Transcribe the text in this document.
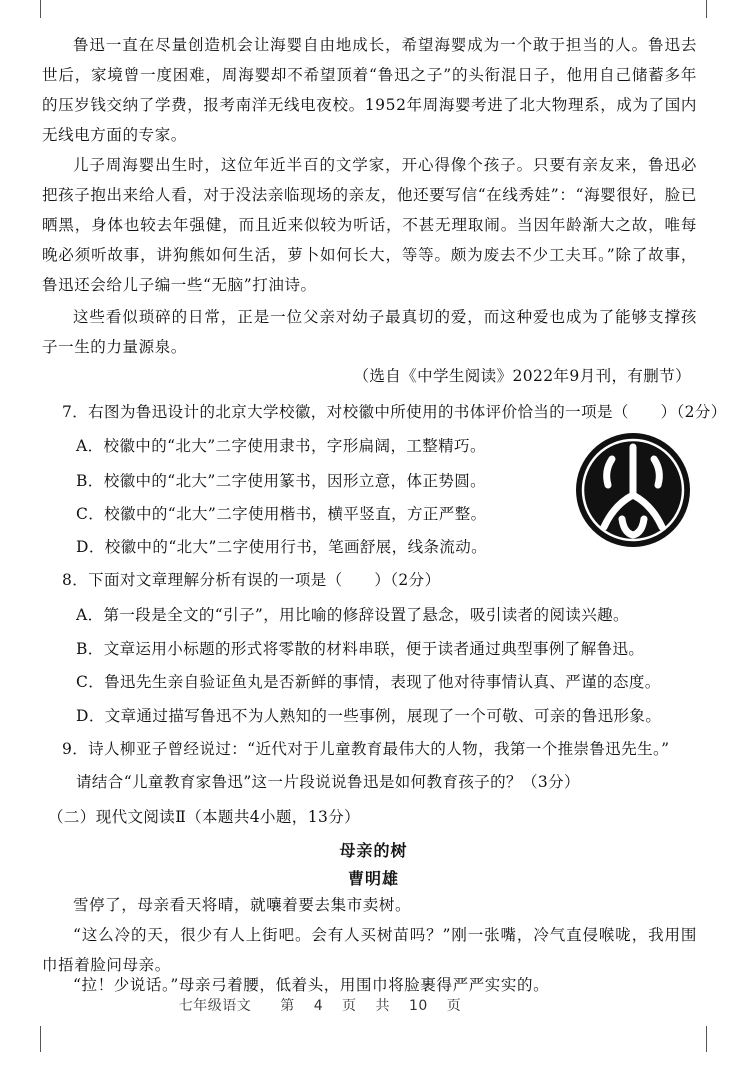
鲁迅一直在尽量创造机会让海婴自由地成长，希望海婴成为一个敢于担当的人。鲁迅去世后，家境曾一度困难，周海婴却不希望顶着“鲁迅之子”的头衔混日子，他用自己储蓄多年的压岁钱交纳了学费，报考南洋无线电夜校。1952年周海婴考进了北大物理系，成为了国内无线电方面的专家。

儿子周海婴出生时，这位年近半百的文学家，开心得像个孩子。只要有亲友来，鲁迅必把孩子抱出来给人看，对于没法亲临现场的亲友，他还要写信“在线秀娃”：“海婴很好，脸已晒黑，身体也较去年强健，而且近来似较为听话，不甚无理取闹。当因年龄渐大之故，唯每晚必须听故事，讲狗熊如何生活，萝卜如何长大，等等。颇为废去不少工夫耳。”除了故事，鲁迅还会给儿子编一些“无脑”打油诗。

这些看似琐碎的日常，正是一位父亲对幼子最真切的爱，而这种爱也成为了能够支撑孩子一生的力量源泉。

（选自《中学生阅读》2022年9月刊，有删节）
7．右图为鲁迅设计的北京大学校徽，对校徽中所使用的书体评价恰当的一项是（　　）（2分）
A．校徽中的“北大”二字使用隶书，字形扁阔，工整精巧。
B．校徽中的“北大”二字使用篆书，因形立意，体正势圆。
C．校徽中的“北大”二字使用楷书，横平竖直，方正严整。
D．校徽中的“北大”二字使用行书，笔画舒展，线条流动。
8．下面对文章理解分析有误的一项是（　　）（2分）
A．第一段是全文的“引子”，用比喻的修辞设置了悬念，吸引读者的阅读兴趣。
B．文章运用小标题的形式将零散的材料串联，便于读者通过典型事例了解鲁迅。
C．鲁迅先生亲自验证鱼丸是否新鲜的事情，表现了他对待事情认真、严谨的态度。
D．文章通过描写鲁迅不为人熟知的一些事例，展现了一个可敬、可亲的鲁迅形象。
9．诗人柳亚子曾经说过：“近代对于儿童教育最伟大的人物，我第一个推崇鲁迅先生。”
请结合“儿童教育家鲁迅”这一片段说说鲁迅是如何教育孩子的？（3分）
（二）现代文阅读Ⅱ（本题共4小题，13分）
母亲的树
曹明雄

雪停了，母亲看天将晴，就嚷着要去集市卖树。

“这么冷的天，很少有人上街吧。会有人买树苗吗？”刚一张嘴，冷气直侵喉咙，我用围巾捂着脸问母亲。

“拉！少说话。”母亲弓着腰，低着头，用围巾将脸裹得严严实实的。

七年级语文　　第 4 页 共 10 页
